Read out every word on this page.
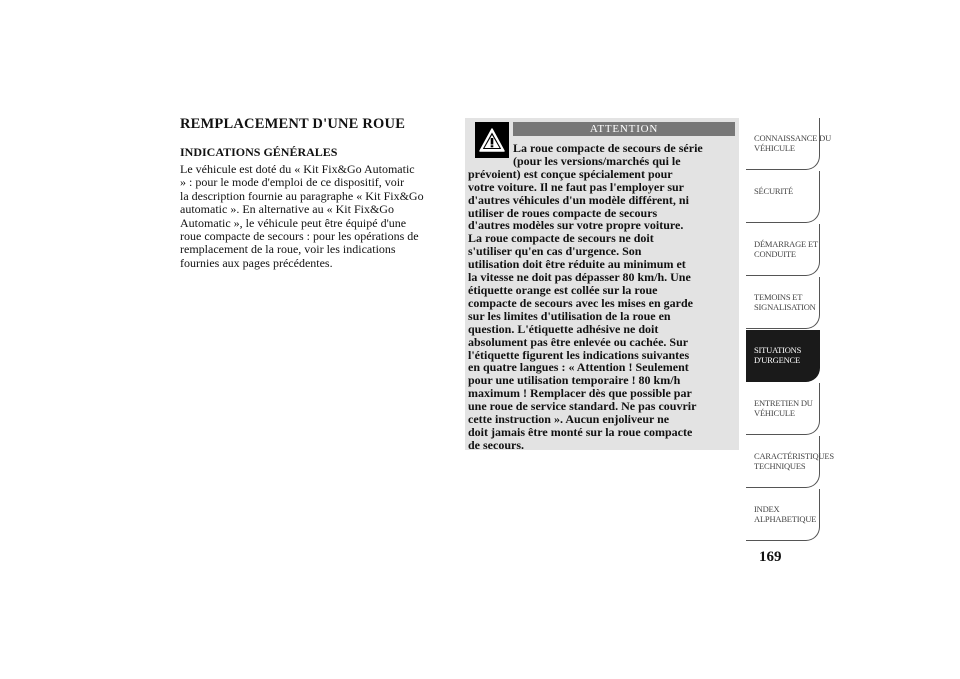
REMPLACEMENT D'UNE ROUE
INDICATIONS GÉNÉRALES

Le véhicule est doté du « Kit Fix&Go Automatic
» : pour le mode d'emploi de ce dispositif, voir
la description fournie au paragraphe « Kit Fix&Go
automatic ». En alternative au « Kit Fix&Go
Automatic », le véhicule peut être équipé d'une
roue compacte de secours : pour les opérations de
remplacement de la roue, voir les indications
fournies aux pages précédentes.

ATTENTION
La roue compacte de secours de série
(pour les versions/marchés qui le
prévoient) est conçue spécialement pour
votre voiture. Il ne faut pas l'employer sur
d'autres véhicules d'un modèle différent, ni
utiliser de roues compacte de secours
d'autres modèles sur votre propre voiture.
La roue compacte de secours ne doit
s'utiliser qu'en cas d'urgence. Son
utilisation doit être réduite au minimum et
la vitesse ne doit pas dépasser 80 km/h. Une
étiquette orange est collée sur la roue
compacte de secours avec les mises en garde
sur les limites d'utilisation de la roue en
question. L'étiquette adhésive ne doit
absolument pas être enlevée ou cachée. Sur
l'étiquette figurent les indications suivantes
en quatre langues : « Attention ! Seulement
pour une utilisation temporaire ! 80 km/h
maximum ! Remplacer dès que possible par
une roue de service standard. Ne pas couvrir
cette instruction ». Aucun enjoliveur ne
doit jamais être monté sur la roue compacte
de secours.
CONNAISSANCE DU
VÉHICULE
SÉCURITÉ
DÉMARRAGE ET
CONDUITE
TEMOINS ET
SIGNALISATION
SITUATIONS
D'URGENCE
ENTRETIEN DU
VÉHICULE
CARACTÉRISTIQUES
TECHNIQUES
INDEX
ALPHABETIQUE
169
